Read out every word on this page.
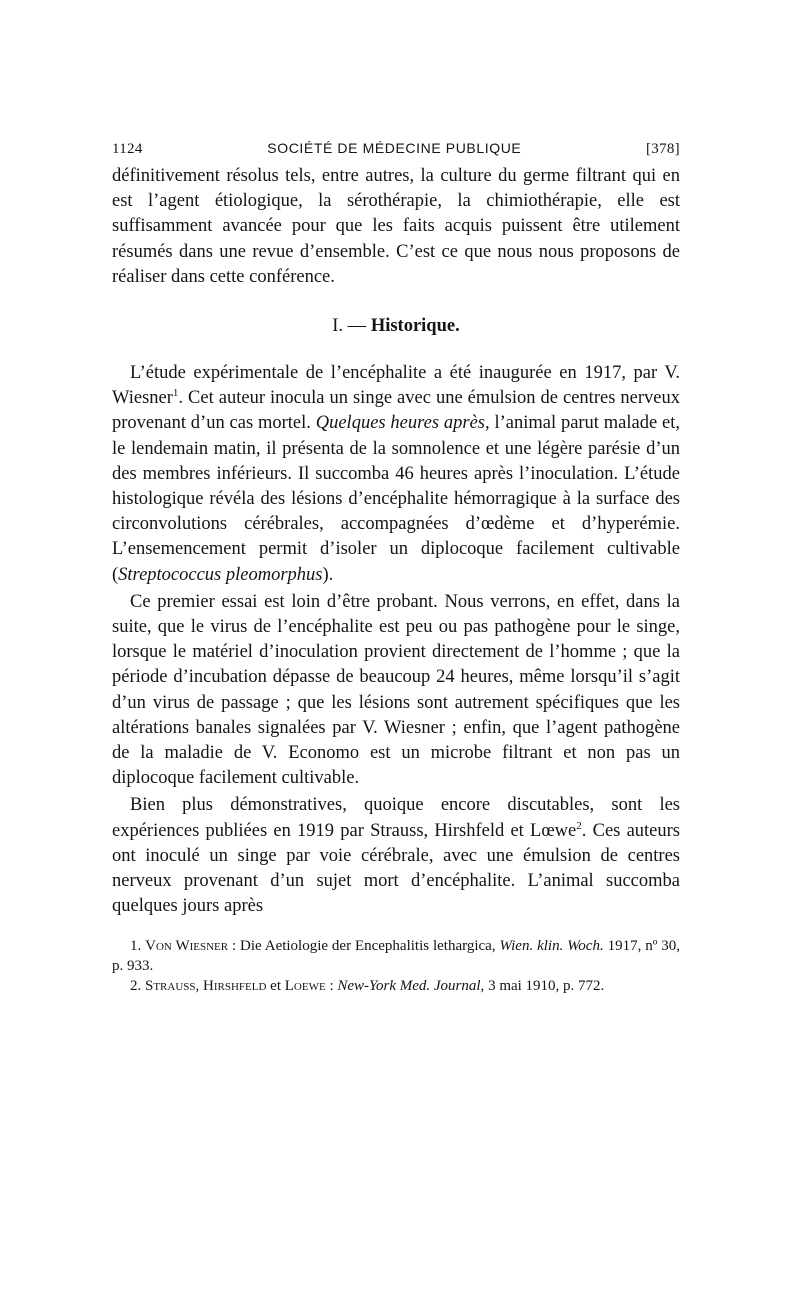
1124	SOCIÉTÉ DE MÉDECINE PUBLIQUE	[378]

définitivement résolus tels, entre autres, la culture du germe filtrant qui en est l’agent étiologique, la sérothérapie, la chimiothérapie, elle est suffisamment avancée pour que les faits acquis puissent être utilement résumés dans une revue d’ensemble. C’est ce que nous nous proposons de réaliser dans cette conférence.

I. — Historique.

L’étude expérimentale de l’encéphalite a été inaugurée en 1917, par V. Wiesner$^1$. Cet auteur inocula un singe avec une émulsion de centres nerveux provenant d’un cas mortel. Quelques heures après, l’animal parut malade et, le lendemain matin, il présenta de la somnolence et une légère parésie d’un des membres inférieurs. Il succomba 46 heures après l’inoculation. L’étude histologique révéla des lésions d’encéphalite hémorragique à la surface des circonvolutions cérébrales, accompagnées d’œdème et d’hyperémie. L’ensemencement permit d’isoler un diplocoque facilement cultivable (Streptococcus pleomorphus).

Ce premier essai est loin d’être probant. Nous verrons, en effet, dans la suite, que le virus de l’encéphalite est peu ou pas pathogène pour le singe, lorsque le matériel d’inoculation provient directement de l’homme ; que la période d’incubation dépasse de beaucoup 24 heures, même lorsqu’il s’agit d’un virus de passage ; que les lésions sont autrement spécifiques que les altérations banales signalées par V. Wiesner ; enfin, que l’agent pathogène de la maladie de V. Economo est un microbe filtrant et non pas un diplocoque facilement cultivable.

Bien plus démonstratives, quoique encore discutables, sont les expériences publiées en 1919 par Strauss, Hirshfeld et Lœwe$^2$. Ces auteurs ont inoculé un singe par voie cérébrale, avec une émulsion de centres nerveux provenant d’un sujet mort d’encéphalite. L’animal succomba quelques jours après

1. Von Wiesner : Die Aetiologie der Encephalitis lethargica, Wien. klin. Woch. 1917, nº 30, p. 933.

2. Strauss, Hirshfeld et Loewe : New-York Med. Journal, 3 mai 1910, p. 772.
